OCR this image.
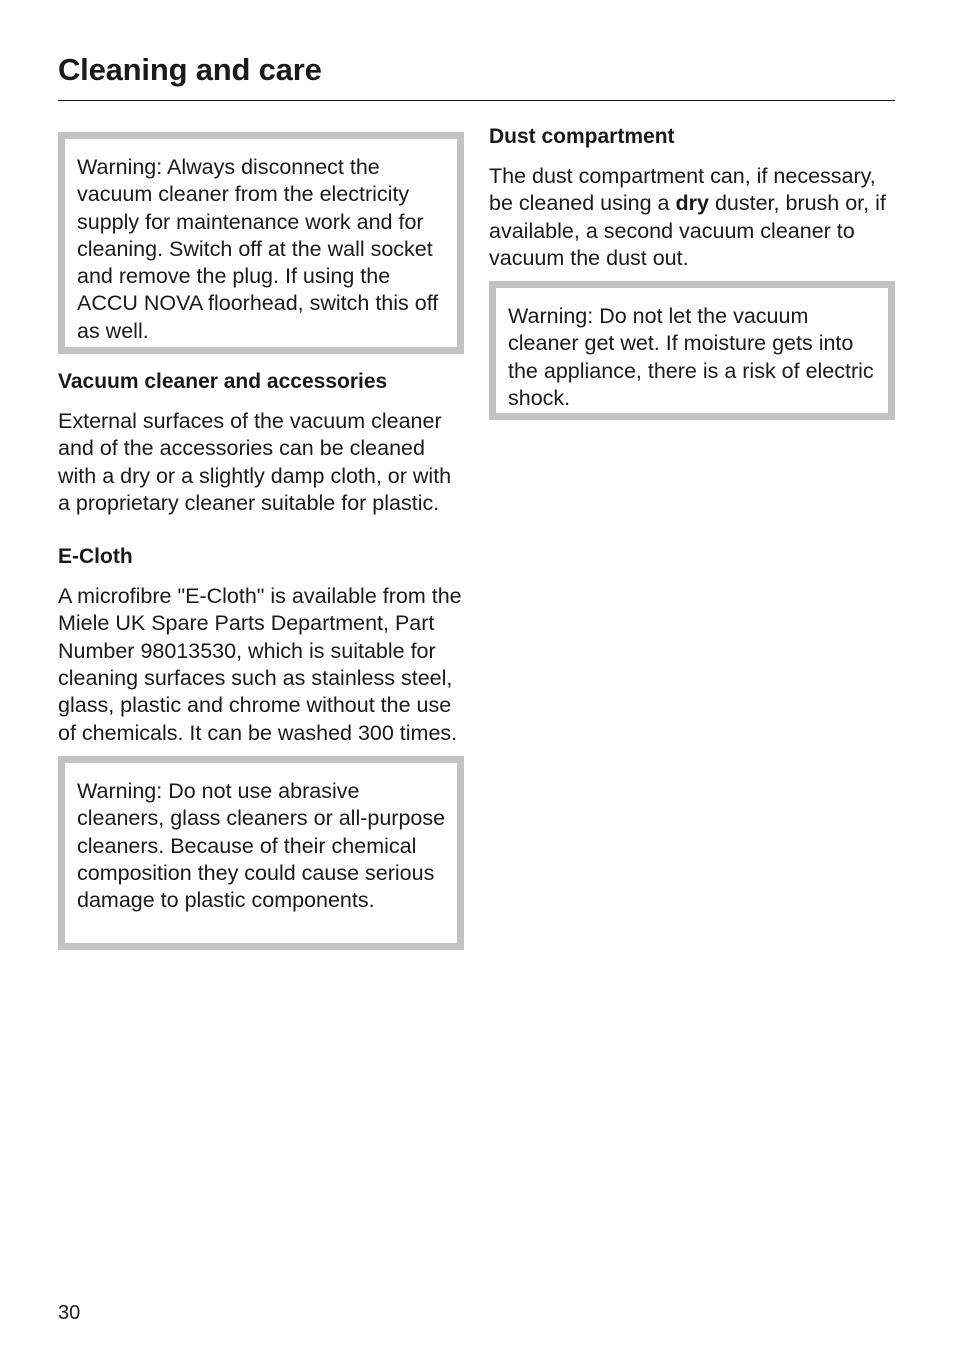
Cleaning and care
Warning: Always disconnect the vacuum cleaner from the electricity supply for maintenance work and for cleaning. Switch off at the wall socket and remove the plug. If using the ACCU NOVA floorhead, switch this off as well.
Vacuum cleaner and accessories

External surfaces of the vacuum cleaner and of the accessories can be cleaned with a dry or a slightly damp cloth, or with a proprietary cleaner suitable for plastic.

E-Cloth

A microfibre "E-Cloth" is available from the Miele UK Spare Parts Department, Part Number 98013530, which is suitable for cleaning surfaces such as stainless steel, glass, plastic and chrome without the use of chemicals. It can be washed 300 times.

Warning: Do not use abrasive cleaners, glass cleaners or all-purpose cleaners. Because of their chemical composition they could cause serious damage to plastic components.
Dust compartment

The dust compartment can, if necessary, be cleaned using a dry duster, brush or, if available, a second vacuum cleaner to vacuum the dust out.

Warning: Do not let the vacuum cleaner get wet. If moisture gets into the appliance, there is a risk of electric shock.
30
